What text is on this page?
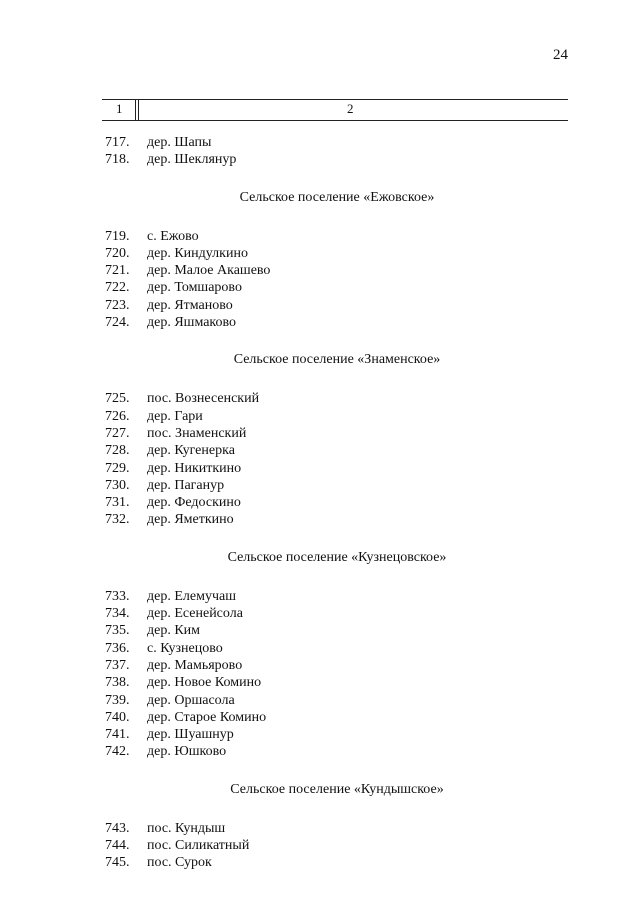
24
1	2
717.	дер. Шапы
718.	дер. Шеклянур
Сельское поселение «Ежовское»
719.	с. Ежово
720.	дер. Киндулкино
721.	дер. Малое Акашево
722.	дер. Томшарово
723.	дер. Ятманово
724.	дер. Яшмаково
Сельское поселение «Знаменское»
725.	пос. Вознесенский
726.	дер. Гари
727.	пос. Знаменский
728.	дер. Кугенерка
729.	дер. Никиткино
730.	дер. Паганур
731.	дер. Федоскино
732.	дер. Яметкино
Сельское поселение «Кузнецовское»
733.	дер. Елемучаш
734.	дер. Есенейсола
735.	дер. Ким
736.	с. Кузнецово
737.	дер. Мамьярово
738.	дер. Новое Комино
739.	дер. Оршасола
740.	дер. Старое Комино
741.	дер. Шуашнур
742.	дер. Юшково
Сельское поселение «Кундышское»
743.	пос. Кундыш
744.	пос. Силикатный
745.	пос. Сурок
